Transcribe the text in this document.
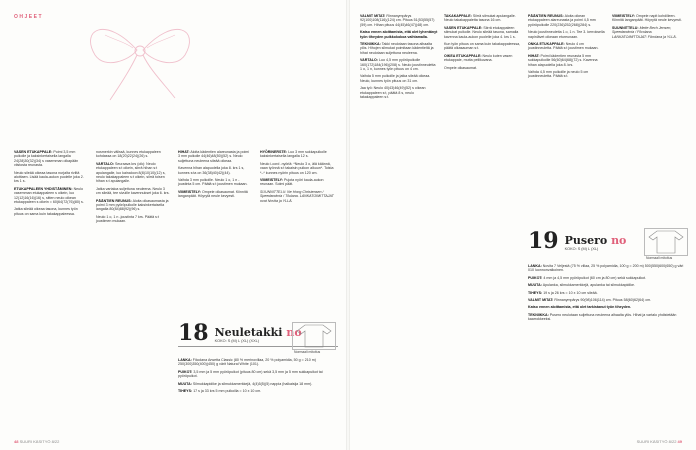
OHJEET

VASEN ETUKAPPALE: Poimi 3,5 mm puikolle ja kaksinkertaisella langalla 24(28)30(32)(34) s vasemman olkapään viistosta reunasta.

Neulo sileää oikeaa tasona nurjalta riviltä aloittaen. Lisää kaula-aukon puolelle joka 2. krs 1 s.

ETUKAPPALEEN YHDISTÄMINEN: Neulo vasemman etukappaleen s oikein, luo 12(12)16(16)(16) s, sitten neulo oikean etukappaleen s oikein = 60(64)72(76)(80) s.

Jatka sileää oikeaa tasona, kunnes työn pituus on sama kuin takakappaleessa.

nosmerkin välissä, kunnes etukappaleen kohdassa on 18(20)22(24)(26) s.

VARTALO: Seuraava krs (oik): Neulo etukappaleen s:t oikein, siirrä hihan s:t apulangalle, luo kainaloon 8(8)10(10)(12) s, neulo takakappaleen s:t oikein, siirrä toisen hihan s:t apulangalle.

Jatka vartaloa suljettuna neuleena. Neulo 3 cm sileää, tee sivuille kavennukset joka 6. krs.

PÄÄNTIEN REUNUS: Aloita olkasaumasta ja poimi 3 mm pyöröpuikolle kaksinkertaisella langalla 80(84)88(92)(96) s.

Neulo 1 o, 1 n -joustinta 7 krs. Päätä s:t joustimen mukaan.

HIHAT: Aloita kädentien alareunasta ja poimi 3 mm puikolle 44(46)48(50)(52) s. Neulo suljettuna neuleena sileää oikeaa.

Kavenna hihan alapuolella joka 8. krs 1 s, kunnes s:ta on 36(38)40(42)(44).

Vaihda 3 mm puikoille. Neulo 1 o, 1 n -joustinta 5 cm. Päätä s:t joustimen mukaan.

VIIMEISTELY: Ompele olkasaumat. Kiinnitä langanpäät. Höyrytä neule kevyesti.

HYÖRINERSTE: Luo 3 mm sukkapuikolle kaksinkertaisella langalla 12 s.

Neulo i-cord -nyöriä: *Neulo 3 o, älä käännä, vaan työnnä s:t takaisin puikon alkuun*. Toista *–* kunnes nyörin pituus on 120 cm.

VIIMEISTELY: Pujota nyöri kaula-aukon reunaan. Solmi päät.

SUUNNITTELU: Ne Hong Christensen / Speedandmia / Tilulana. LANKATOIMITTAJAT ovat Novita ja YLLÄ.

18 Neuletakki no
KOKO: S (M) L (XL) (XXL)
Normaali mitoitus

LANKA: Filcolana Arwetta Classic (80 % merinovillaa, 20 % polyamidia, 50 g = 210 m) 250(300)350(400)(450) g värit Natural White (101).

PUIKOT: 3,5 mm ja 5 mm pyöröpuikot (pituus 80 cm) sekä 3,5 mm ja 5 mm sukkapuikot tai pyöröpuikot.

MUUTA: Silmukkapidike ja silmukkamerkkejä, 4(4)5(5)(5) nappia (halkaisija 18 mm).

TIHEYS: 17 s ja 33 krs 5 mm puikoilla = 10 x 10 cm.

48 SUURI KÄSITYÖ 8/22

VALMIT MITAT: Rinnanympärys 92(100)108(116)(124) cm. Pituus 51(53)55(57)(59) cm. Hihan pituus 44(45)46(47)(48) cm.

Katso ennen aloittamista, että olet lyhentänyt työn tiheyden puikkokokoa vaihtamalla.

TEKNIIKKA: Takki neulotaan tasona alhaalta ylös. Hihojen silmukat poimitaan kädentieltä ja hihat neulotaan suljettuna neuleena.

VARTALO: Luo 4,5 mm pyöröpuikolle 160(172)184(196)(208) s. Neulo joustinneuletta 1 o, 1 n, kunnes työn pituus on 4 cm.

Vaihda 5 mm puikoille ja jatka sileää oikeaa. Neulo, kunnes työn pituus on 31 cm.

Jaa työ: Neulo 40(43)46(49)(52) s oikean etukappaleen s:t, päätä 8 s, neulo takakappaleen s:t.

TAKAKAPPALE: Siirrä silmukat apulangalle. Neulo takakappaletta tasona 16 cm.

VASEN ETUKAPPALE: Siirrä etukappaleen silmukat puikolle. Neulo sileää tasona, samalla kavenna kaula-aukon puolelle joka 4. krs 1 s.

Kun työn pituus on sama kuin takakappaleessa, päätä olkasauman s:t.

OIKEA ETUKAPPALE: Neulo kuten vasen etukappale, mutta peilikuvana.

Ompele olkasaumat.

PÄÄNTIEN REUNUS: Aloita oikean etukappaleen alareunasta ja poimi 4,5 mm pyöröpuikolle 220(236)252(268)(284) s.

Neulo joustinneuletta 1 o, 1 n. Tee 3. kerroksella napinlävet oikeaan etureunaan.

ONKA ETUKAPPALE: Neulo 4 cm joustinneuletta. Päätä s:t joustimen mukaan.

HIHAT: Poimi kädentien reunasta 5 mm sukkapuikoille 56(60)64(68)(72) s. Kavenna hihan alapuolella joka 8. krs.

Vaihda 4,5 mm puikoille ja neulo 5 cm joustinneuletta. Päätä s:t.

VIIMEISTELY: Ompele napit kohdilleen. Kiinnitä langanpäät. Höyrytä neule kevyesti.

SUUNNITTELU: Mette Bech Jensen, Speedandmia / Filcolana. LANKATOIMITTAJAT: Filcolana ja YLLÄ.

19 Pusero no
KOKO: S (M) L (XL)
Normaali mitoitus

LANKA: Novita 7 Veljestä (75 % villaa, 25 % polyamidia, 100 g = 200 m) 500(550)600(650) g väri 010 luonnonvalkoinen.

PUIKOT: 4 mm ja 4,5 mm pyöröpuikot (60 cm ja 80 cm) sekä sukkapuikot.

MUUTA: Apulanka, silmukkamerkkejä, apulanka tai silmukkapidike.

TIHEYS: 19 s ja 26 krs = 10 x 10 cm sileää.

VALMIT MITAT: Rinnanympärys 90(98)106(114) cm. Pituus 58(60)62(64) cm.

Katso ennen aloittamista, että olet tarkistanut työn tiheyden.

TEKNIIKKA: Pusero neulotaan suljettuna neuleena alhaalta ylös. Hihat ja vartalo yhdistetään kaarrokkeeksi.

SUURI KÄSITYÖ 8/22 49
